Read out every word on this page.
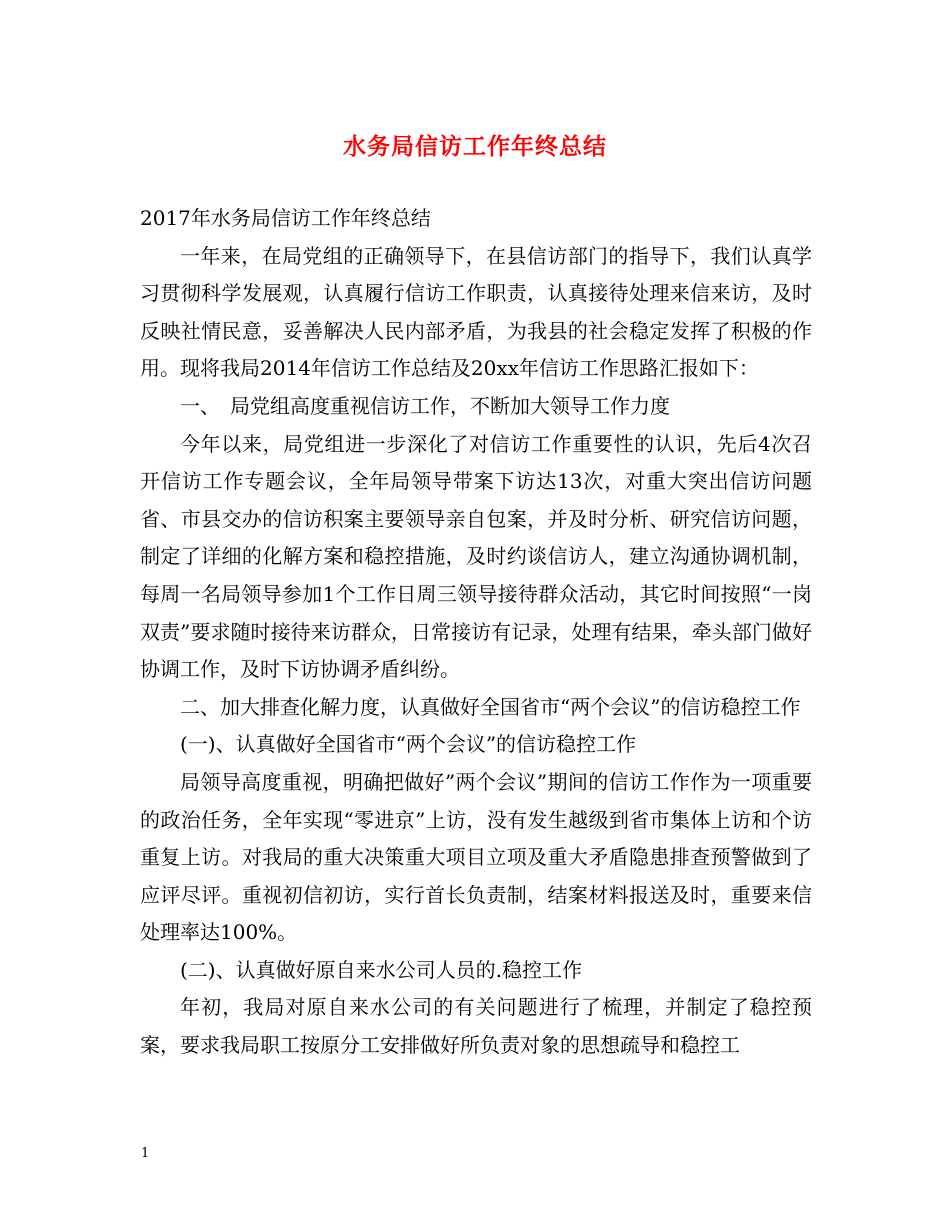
水务局信访工作年终总结

2017年水务局信访工作年终总结

一年来，在局党组的正确领导下，在县信访部门的指导下，我们认真学习贯彻科学发展观，认真履行信访工作职责，认真接待处理来信来访，及时反映社情民意，妥善解决人民内部矛盾，为我县的社会稳定发挥了积极的作用。现将我局2014年信访工作总结及20xx年信访工作思路汇报如下：

一、　局党组高度重视信访工作，不断加大领导工作力度

今年以来，局党组进一步深化了对信访工作重要性的认识，先后4次召开信访工作专题会议，全年局领导带案下访达13次，对重大突出信访问题省、市县交办的信访积案主要领导亲自包案，并及时分析、研究信访问题，制定了详细的化解方案和稳控措施，及时约谈信访人，建立沟通协调机制，每周一名局领导参加1个工作日周三领导接待群众活动，其它时间按照“一岗双责”要求随时接待来访群众，日常接访有记录，处理有结果，牵头部门做好协调工作，及时下访协调矛盾纠纷。

二、加大排查化解力度，认真做好全国省市“两个会议”的信访稳控工作

(一)、认真做好全国省市“两个会议”的信访稳控工作

局领导高度重视，明确把做好”两个会议”期间的信访工作作为一项重要的政治任务，全年实现“零进京”上访，没有发生越级到省市集体上访和个访重复上访。对我局的重大决策重大项目立项及重大矛盾隐患排查预警做到了应评尽评。重视初信初访，实行首长负责制，结案材料报送及时，重要来信处理率达100%。

(二)、认真做好原自来水公司人员的.稳控工作

年初，我局对原自来水公司的有关问题进行了梳理，并制定了稳控预案，要求我局职工按原分工安排做好所负责对象的思想疏导和稳控工

1
